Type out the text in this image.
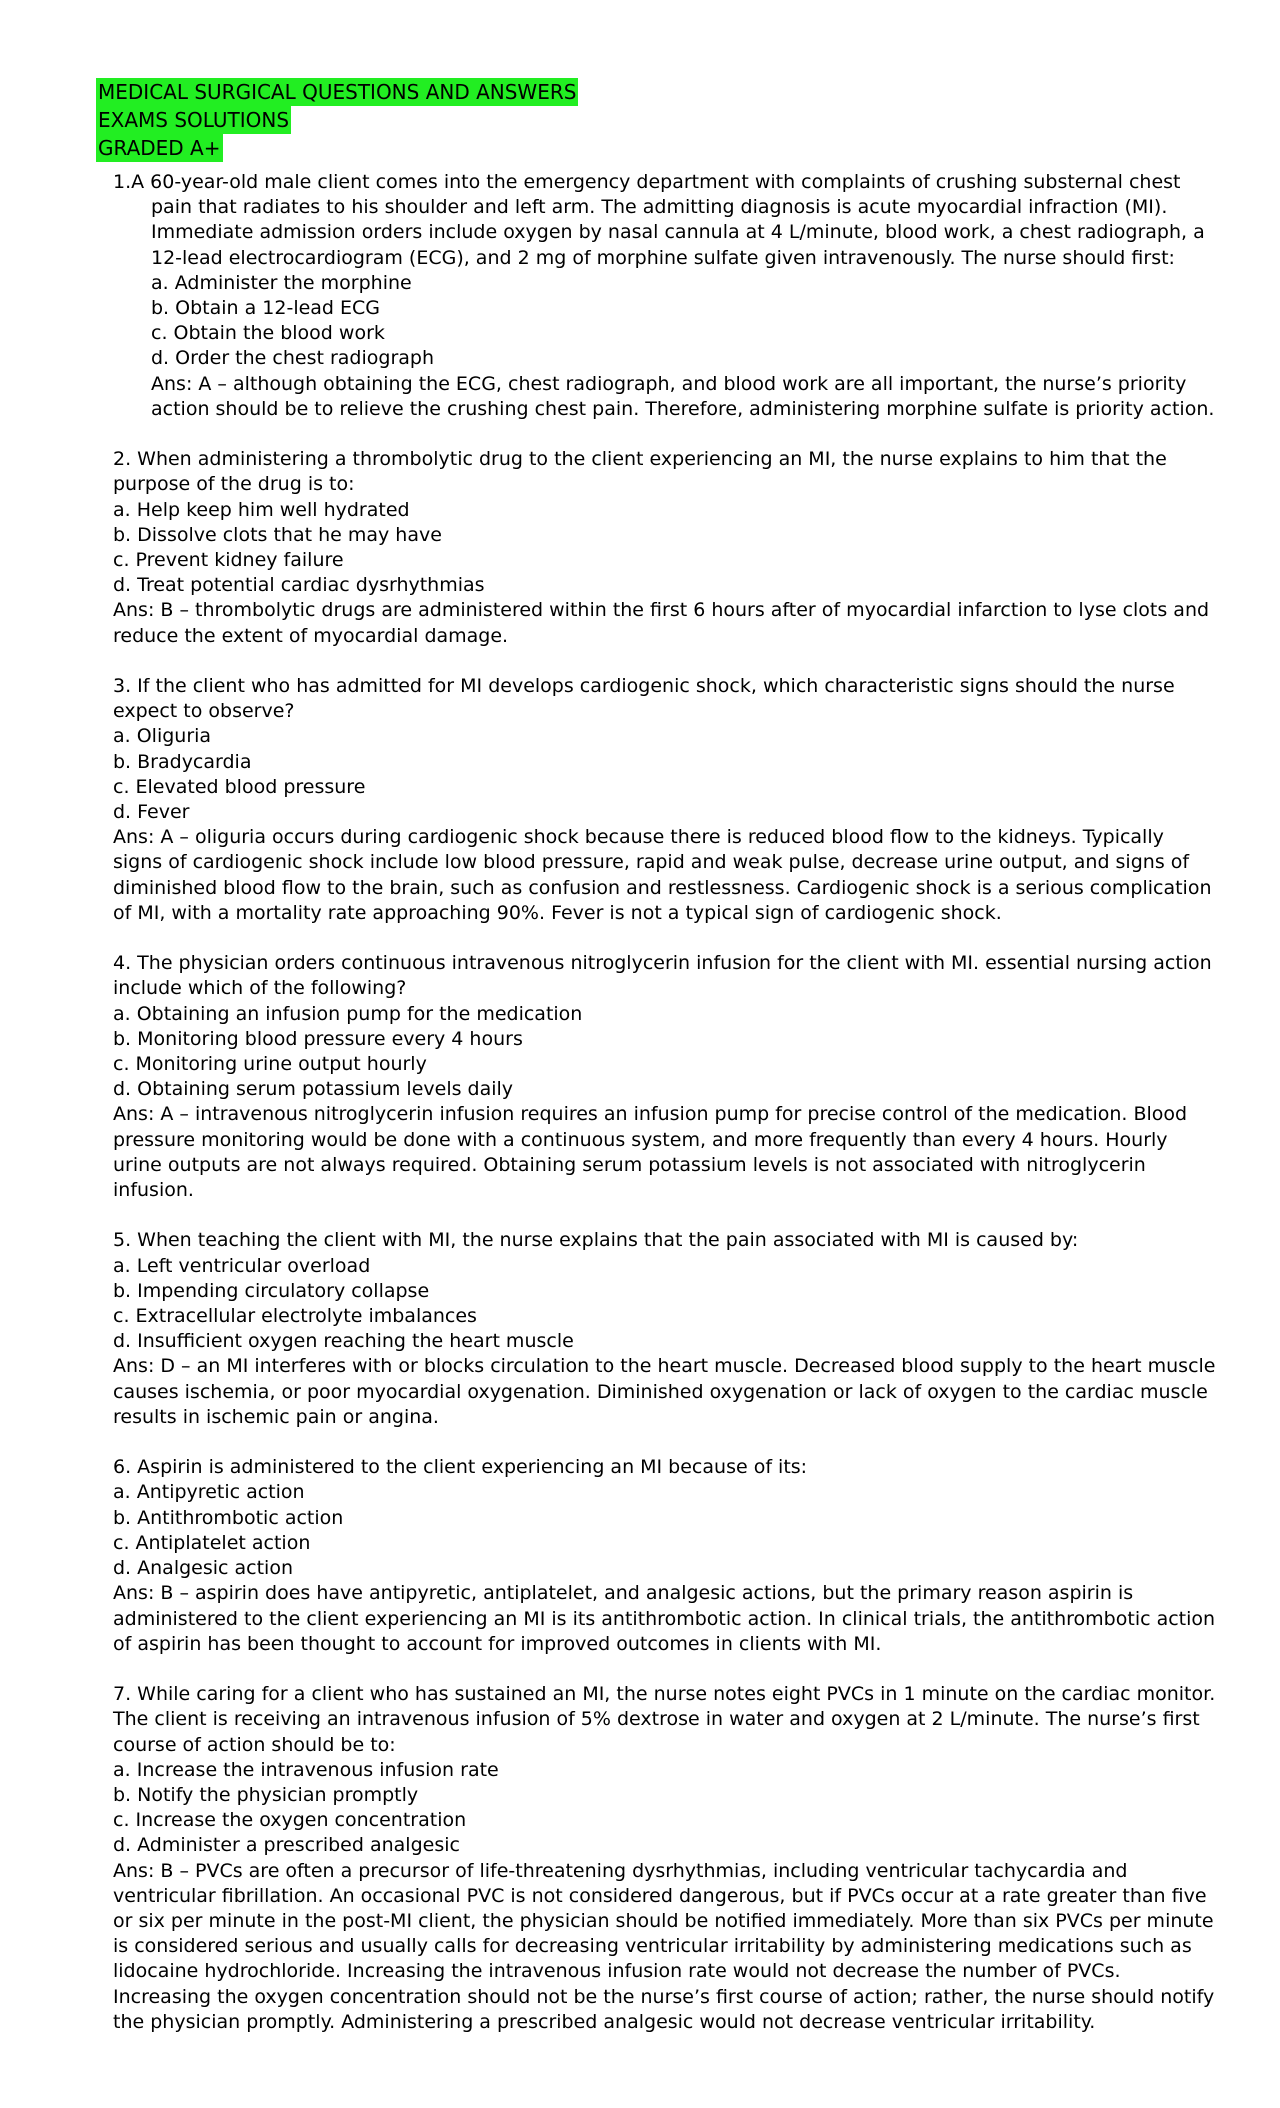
MEDICAL SURGICAL QUESTIONS AND ANSWERS
EXAMS SOLUTIONS
GRADED A+

1.A 60-year-old male client comes into the emergency department with complaints of crushing substernal chest pain that radiates to his shoulder and left arm. The admitting diagnosis is acute myocardial infraction (MI). Immediate admission orders include oxygen by nasal cannula at 4 L/minute, blood work, a chest radiograph, a 12-lead electrocardiogram (ECG), and 2 mg of morphine sulfate given intravenously. The nurse should first:

a. Administer the morphine

b. Obtain a 12-lead ECG

c. Obtain the blood work

d. Order the chest radiograph

Ans: A – although obtaining the ECG, chest radiograph, and blood work are all important, the nurse’s priority action should be to relieve the crushing chest pain. Therefore, administering morphine sulfate is priority action.

2. When administering a thrombolytic drug to the client experiencing an MI, the nurse explains to him that the purpose of the drug is to:

a. Help keep him well hydrated

b. Dissolve clots that he may have

c. Prevent kidney failure

d. Treat potential cardiac dysrhythmias

Ans: B – thrombolytic drugs are administered within the first 6 hours after of myocardial infarction to lyse clots and reduce the extent of myocardial damage.

3. If the client who has admitted for MI develops cardiogenic shock, which characteristic signs should the nurse expect to observe?

a. Oliguria

b. Bradycardia

c. Elevated blood pressure

d. Fever

Ans: A – oliguria occurs during cardiogenic shock because there is reduced blood flow to the kidneys. Typically signs of cardiogenic shock include low blood pressure, rapid and weak pulse, decrease urine output, and signs of diminished blood flow to the brain, such as confusion and restlessness. Cardiogenic shock is a serious complication of MI, with a mortality rate approaching 90%. Fever is not a typical sign of cardiogenic shock.

4. The physician orders continuous intravenous nitroglycerin infusion for the client with MI. essential nursing action include which of the following?

a. Obtaining an infusion pump for the medication

b. Monitoring blood pressure every 4 hours

c. Monitoring urine output hourly

d. Obtaining serum potassium levels daily

Ans: A – intravenous nitroglycerin infusion requires an infusion pump for precise control of the medication. Blood pressure monitoring would be done with a continuous system, and more frequently than every 4 hours. Hourly urine outputs are not always required. Obtaining serum potassium levels is not associated with nitroglycerin infusion.

5. When teaching the client with MI, the nurse explains that the pain associated with MI is caused by:

a. Left ventricular overload

b. Impending circulatory collapse

c. Extracellular electrolyte imbalances

d. Insufficient oxygen reaching the heart muscle

Ans: D – an MI interferes with or blocks circulation to the heart muscle. Decreased blood supply to the heart muscle causes ischemia, or poor myocardial oxygenation. Diminished oxygenation or lack of oxygen to the cardiac muscle results in ischemic pain or angina.

6. Aspirin is administered to the client experiencing an MI because of its:

a. Antipyretic action

b. Antithrombotic action

c. Antiplatelet action

d. Analgesic action

Ans: B – aspirin does have antipyretic, antiplatelet, and analgesic actions, but the primary reason aspirin is administered to the client experiencing an MI is its antithrombotic action. In clinical trials, the antithrombotic action of aspirin has been thought to account for improved outcomes in clients with MI.

7. While caring for a client who has sustained an MI, the nurse notes eight PVCs in 1 minute on the cardiac monitor. The client is receiving an intravenous infusion of 5% dextrose in water and oxygen at 2 L/minute. The nurse’s first course of action should be to:

a. Increase the intravenous infusion rate

b. Notify the physician promptly

c. Increase the oxygen concentration

d. Administer a prescribed analgesic

Ans: B – PVCs are often a precursor of life-threatening dysrhythmias, including ventricular tachycardia and ventricular fibrillation. An occasional PVC is not considered dangerous, but if PVCs occur at a rate greater than five or six per minute in the post-MI client, the physician should be notified immediately. More than six PVCs per minute is considered serious and usually calls for decreasing ventricular irritability by administering medications such as lidocaine hydrochloride. Increasing the intravenous infusion rate would not decrease the number of PVCs. Increasing the oxygen concentration should not be the nurse’s first course of action; rather, the nurse should notify the physician promptly. Administering a prescribed analgesic would not decrease ventricular irritability.
